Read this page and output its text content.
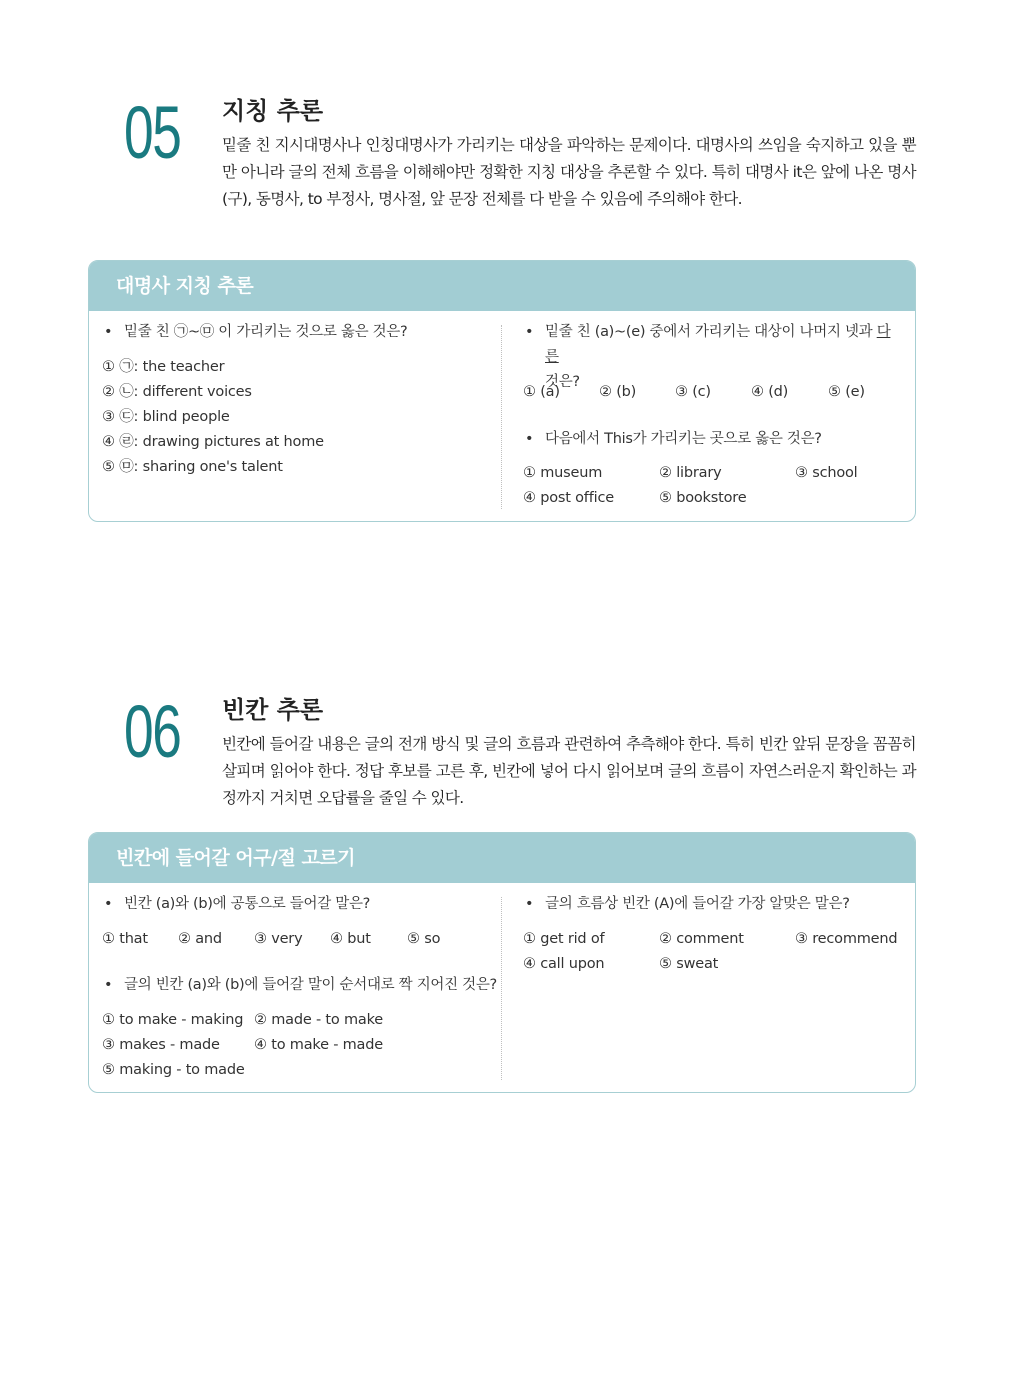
05 지칭 추론
밑줄 친 지시대명사나 인칭대명사가 가리키는 대상을 파악하는 문제이다. 대명사의 쓰임을 숙지하고 있을 뿐 만 아니라 글의 전체 흐름을 이해해야만 정확한 지칭 대상을 추론할 수 있다. 특히 대명사 it은 앞에 나온 명사(구), 동명사, to 부정사, 명사절, 앞 문장 전체를 다 받을 수 있음에 주의해야 한다.
대명사 지칭 추론
• 밑줄 친 ㉠~㉤ 이 가리키는 것으로 옳은 것은?
① ㉠: the teacher
② ㉡: different voices
③ ㉢: blind people
④ ㉣: drawing pictures at home
⑤ ㉤: sharing one's talent
• 밑줄 친 (a)~(e) 중에서 가리키는 대상이 나머지 넷과 다른
것은?
① (a)	② (b)	③ (c)	④ (d)	⑤ (e)
• 다음에서 This가 가리키는 곳으로 옳은 것은?
① museum	② library	③ school
④ post office	⑤ bookstore
06 빈칸 추론
빈칸에 들어갈 내용은 글의 전개 방식 및 글의 흐름과 관련하여 추측해야 한다. 특히 빈칸 앞뒤 문장을 꼼꼼히 살피며 읽어야 한다. 정답 후보를 고른 후, 빈칸에 넣어 다시 읽어보며 글의 흐름이 자연스러운지 확인하는 과정까지 거치면 오답률을 줄일 수 있다.
빈칸에 들어갈 어구/절 고르기
• 빈칸 (a)와 (b)에 공통으로 들어갈 말은?
① that ② and ③ very ④ but	⑤ so
• 글의 빈칸 (a)와 (b)에 들어갈 말이 순서대로 짝 지어진 것은?
① to make - making ② made - to make
③ makes - made ④ to make - made
⑤ making - to made
• 글의 흐름상 빈칸 (A)에 들어갈 가장 알맞은 말은?
① get rid of	② comment	③ recommend
④ call upon	⑤ sweat
